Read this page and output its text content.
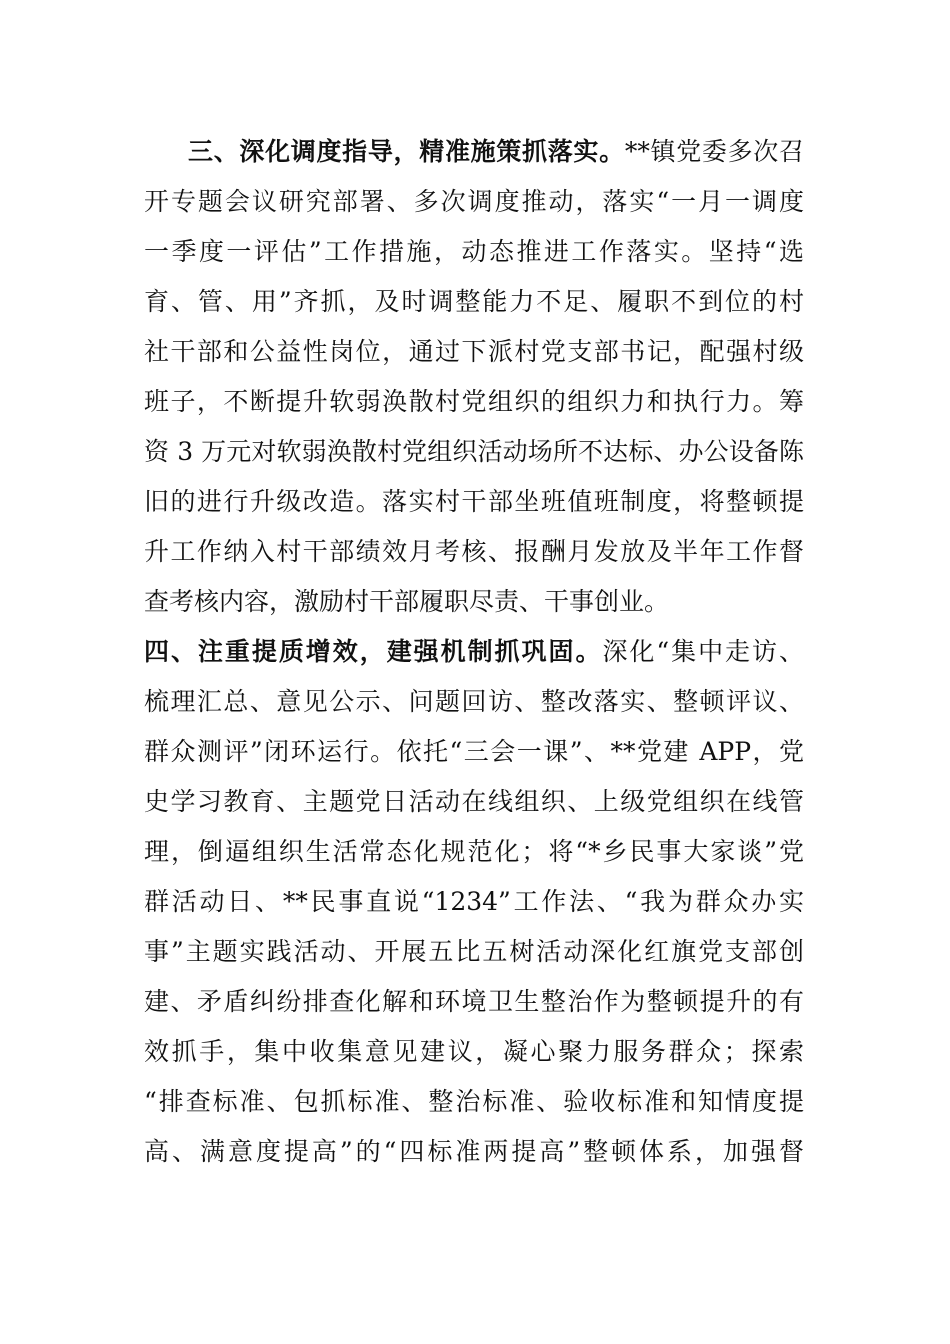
三、深化调度指导，精准施策抓落实。**镇党委多次召
开专题会议研究部署、多次调度推动，落实“一月一调度
一季度一评估”工作措施，动态推进工作落实。坚持“选
育、管、用”齐抓，及时调整能力不足、履职不到位的村
社干部和公益性岗位，通过下派村党支部书记，配强村级
班子，不断提升软弱涣散村党组织的组织力和执行力。筹
资 3 万元对软弱涣散村党组织活动场所不达标、办公设备陈
旧的进行升级改造。落实村干部坐班值班制度，将整顿提
升工作纳入村干部绩效月考核、报酬月发放及半年工作督
查考核内容，激励村干部履职尽责、干事创业。
四、注重提质增效，建强机制抓巩固。深化“集中走访、
梳理汇总、意见公示、问题回访、整改落实、整顿评议、
群众测评”闭环运行。依托“三会一课”、**党建 APP，党
史学习教育、主题党日活动在线组织、上级党组织在线管
理，倒逼组织生活常态化规范化；将“*乡民事大家谈”党
群活动日、**民事直说“1234”工作法、“我为群众办实
事”主题实践活动、开展五比五树活动深化红旗党支部创
建、矛盾纠纷排查化解和环境卫生整治作为整顿提升的有
效抓手，集中收集意见建议，凝心聚力服务群众；探索
“排查标准、包抓标准、整治标准、验收标准和知情度提
高、满意度提高”的“四标准两提高”整顿体系，加强督
